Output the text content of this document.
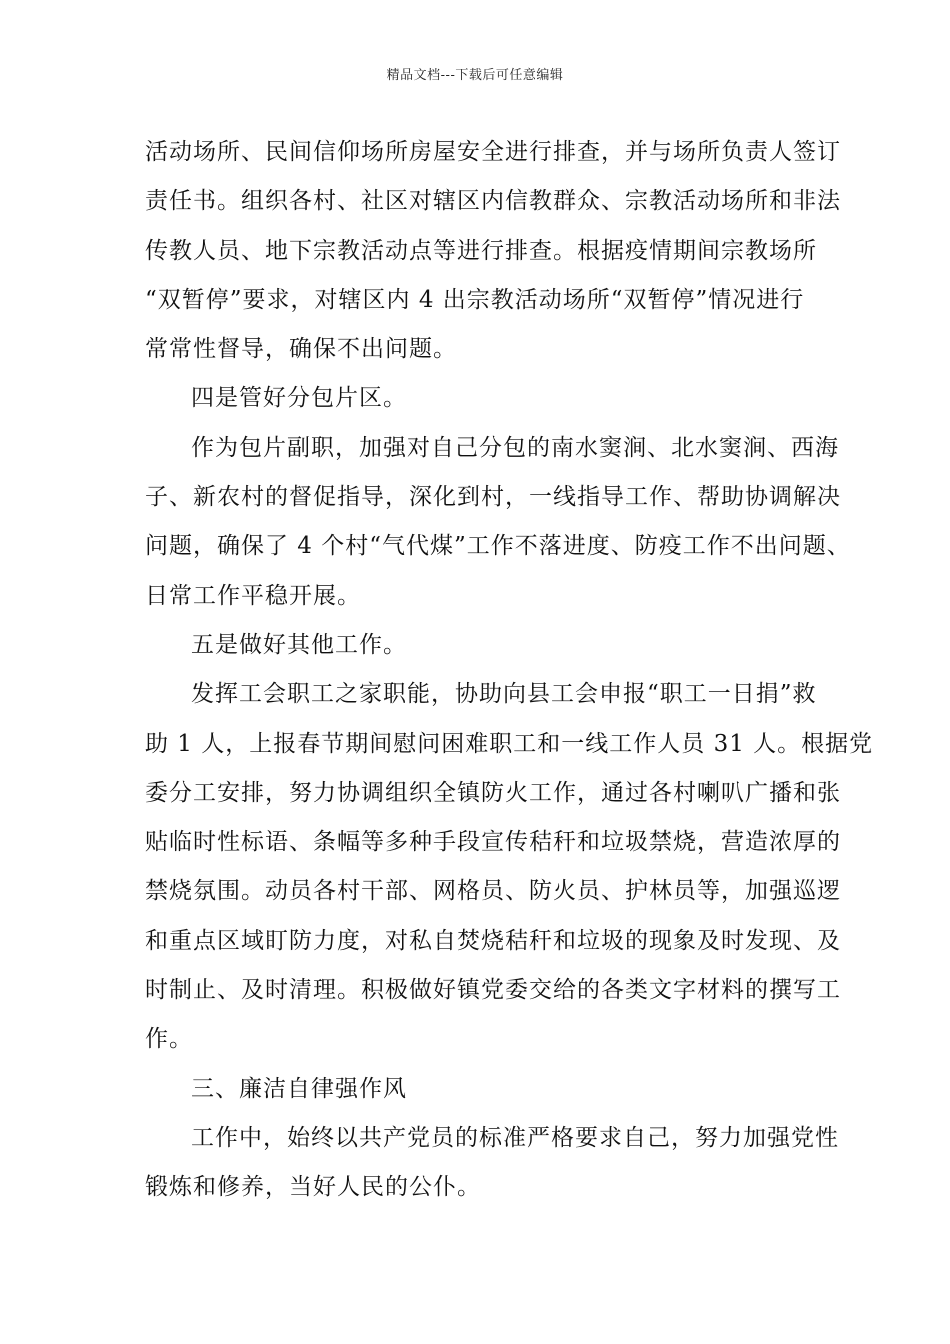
精品文档---下载后可任意编辑
活动场所、民间信仰场所房屋安全进行排查，并与场所负责人签订
责任书。组织各村、社区对辖区内信教群众、宗教活动场所和非法
传教人员、地下宗教活动点等进行排查。根据疫情期间宗教场所
“双暂停”要求，对辖区内 4 出宗教活动场所“双暂停”情况进行
常常性督导，确保不出问题。
四是管好分包片区。
作为包片副职，加强对自己分包的南水窦涧、北水窦涧、西海
子、新农村的督促指导，深化到村，一线指导工作、帮助协调解决
问题，确保了 4 个村“气代煤”工作不落进度、防疫工作不出问题、
日常工作平稳开展。
五是做好其他工作。
发挥工会职工之家职能，协助向县工会申报“职工一日捐”救
助 1 人，上报春节期间慰问困难职工和一线工作人员 31 人。根据党
委分工安排，努力协调组织全镇防火工作，通过各村喇叭广播和张
贴临时性标语、条幅等多种手段宣传秸秆和垃圾禁烧，营造浓厚的
禁烧氛围。动员各村干部、网格员、防火员、护林员等，加强巡逻
和重点区域盯防力度，对私自焚烧秸秆和垃圾的现象及时发现、及
时制止、及时清理。积极做好镇党委交给的各类文字材料的撰写工
作。
三、廉洁自律强作风
工作中，始终以共产党员的标准严格要求自己，努力加强党性
锻炼和修养，当好人民的公仆。
